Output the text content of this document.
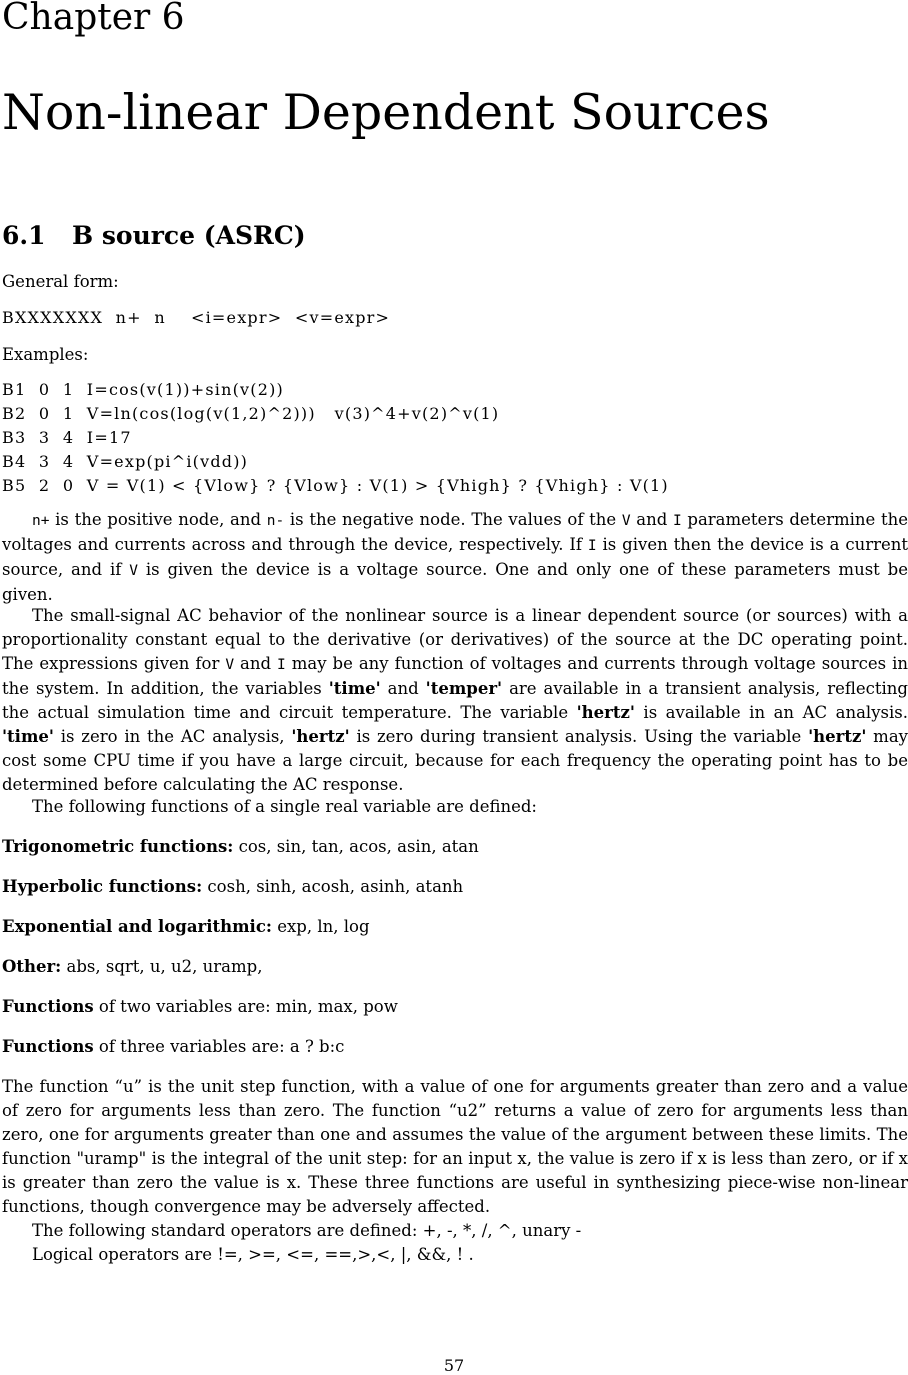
Chapter 6
Non-linear Dependent Sources
6.1 B source (ASRC)
General form:
BXXXXXXX  n+  n    <i=expr>  <v=expr>
Examples:
B1  0  1  I=cos(v(1))+sin(v(2))
B2  0  1  V=ln(cos(log(v(1,2)^2)))   v(3)^4+v(2)^v(1)
B3  3  4  I=17
B4  3  4  V=exp(pi^i(vdd))
B5  2  0  V = V(1) < {Vlow} ? {Vlow} : V(1) > {Vhigh} ? {Vhigh} : V(1)
n+ is the positive node, and n- is the negative node. The values of the V and I parameters determine the voltages and currents across and through the device, respectively. If I is given then the device is a current source, and if V is given the device is a voltage source. One and only one of these parameters must be given.
The small-signal AC behavior of the nonlinear source is a linear dependent source (or sources) with a proportionality constant equal to the derivative (or derivatives) of the source at the DC operating point. The expressions given for V and I may be any function of voltages and currents through voltage sources in the system. In addition, the variables 'time' and 'temper' are available in a transient analysis, reflecting the actual simulation time and circuit temperature. The variable 'hertz' is available in an AC analysis. 'time' is zero in the AC analysis, 'hertz' is zero during transient analysis. Using the variable 'hertz' may cost some CPU time if you have a large circuit, because for each frequency the operating point has to be determined before calculating the AC response.
The following functions of a single real variable are defined:
Trigonometric functions: cos, sin, tan, acos, asin, atan
Hyperbolic functions: cosh, sinh, acosh, asinh, atanh
Exponential and logarithmic: exp, ln, log
Other: abs, sqrt, u, u2, uramp,
Functions of two variables are: min, max, pow
Functions of three variables are: a ? b:c
The function “u” is the unit step function, with a value of one for arguments greater than zero and a value of zero for arguments less than zero. The function “u2” returns a value of zero for arguments less than zero, one for arguments greater than one and assumes the value of the argument between these limits. The function "uramp" is the integral of the unit step: for an input x, the value is zero if x is less than zero, or if x is greater than zero the value is x. These three functions are useful in synthesizing piece-wise non-linear functions, though convergence may be adversely affected.
The following standard operators are defined: +, -, *, /, ^, unary -
Logical operators are !=, >=, <=, ==,>,<, |, &&, ! .
57
